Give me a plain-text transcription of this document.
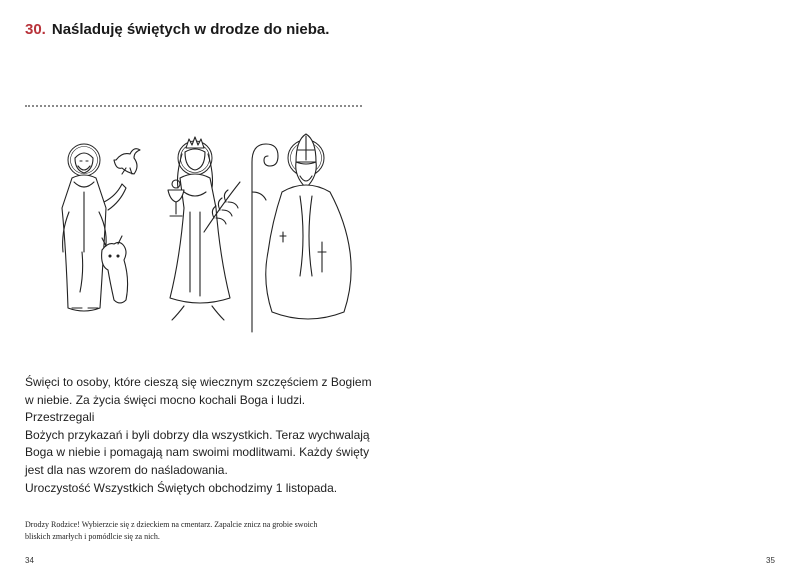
30. Naśladuję świętych w drodze do nieba.

Święci to osoby, które cieszą się wiecznym szczęściem z Bogiem

w niebie. Za życia święci mocno kochali Boga i ludzi. Przestrzegali

Bożych przykazań i byli dobrzy dla wszystkich. Teraz wychwalają

Boga w niebie i pomagają nam swoimi modlitwami. Każdy święty

jest dla nas wzorem do naśladowania.

Uroczystość Wszystkich Świętych obchodzimy 1 listopada.

Drodzy Rodzice! Wybierzcie się z dzieckiem na cmentarz. Zapalcie znicz na grobie swoich

bliskich zmarłych i pomódlcie się za nich.

34	35
